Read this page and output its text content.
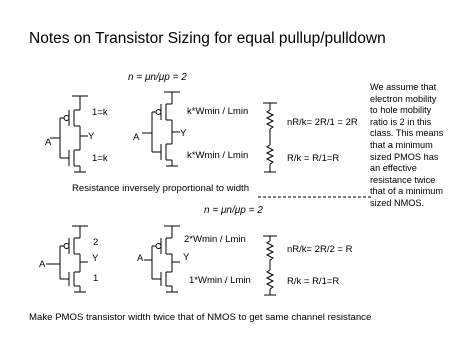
Notes on Transistor Sizing for equal pullup/pulldown
n = μn/μp = 2
1=k
Y
A
1=k
k*Wmin / Lmin
Y
A
k*Wmin / Lmin
nR/k= 2R/1 = 2R
R/k = R/1=R
Resistance inversely proportional to width
n = μn/μp = 2
2
Y
A
1
2*Wmin / Lmin
Y
A
1*Wmin / Lmin
nR/k= 2R/2 = R
R/k = R/1=R
Make PMOS transistor width twice that of NMOS to get same channel resistance
We assume that electron mobility to hole mobility ratio is 2 in this class. This means that a minimum sized PMOS has an effective resistance twice that of a minimum sized NMOS.
